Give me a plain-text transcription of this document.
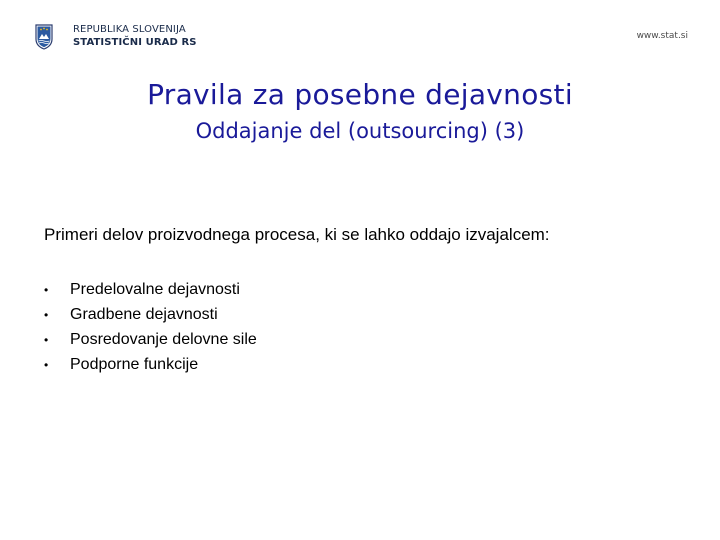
REPUBLIKA SLOVENIJA
STATISTIČNI URAD RS
www.stat.si
Pravila za posebne dejavnosti
Oddajanje del (outsourcing) (3)
Primeri delov proizvodnega procesa, ki se lahko oddajo izvajalcem:
• Predelovalne dejavnosti
• Gradbene dejavnosti
• Posredovanje delovne sile
• Podporne funkcije
